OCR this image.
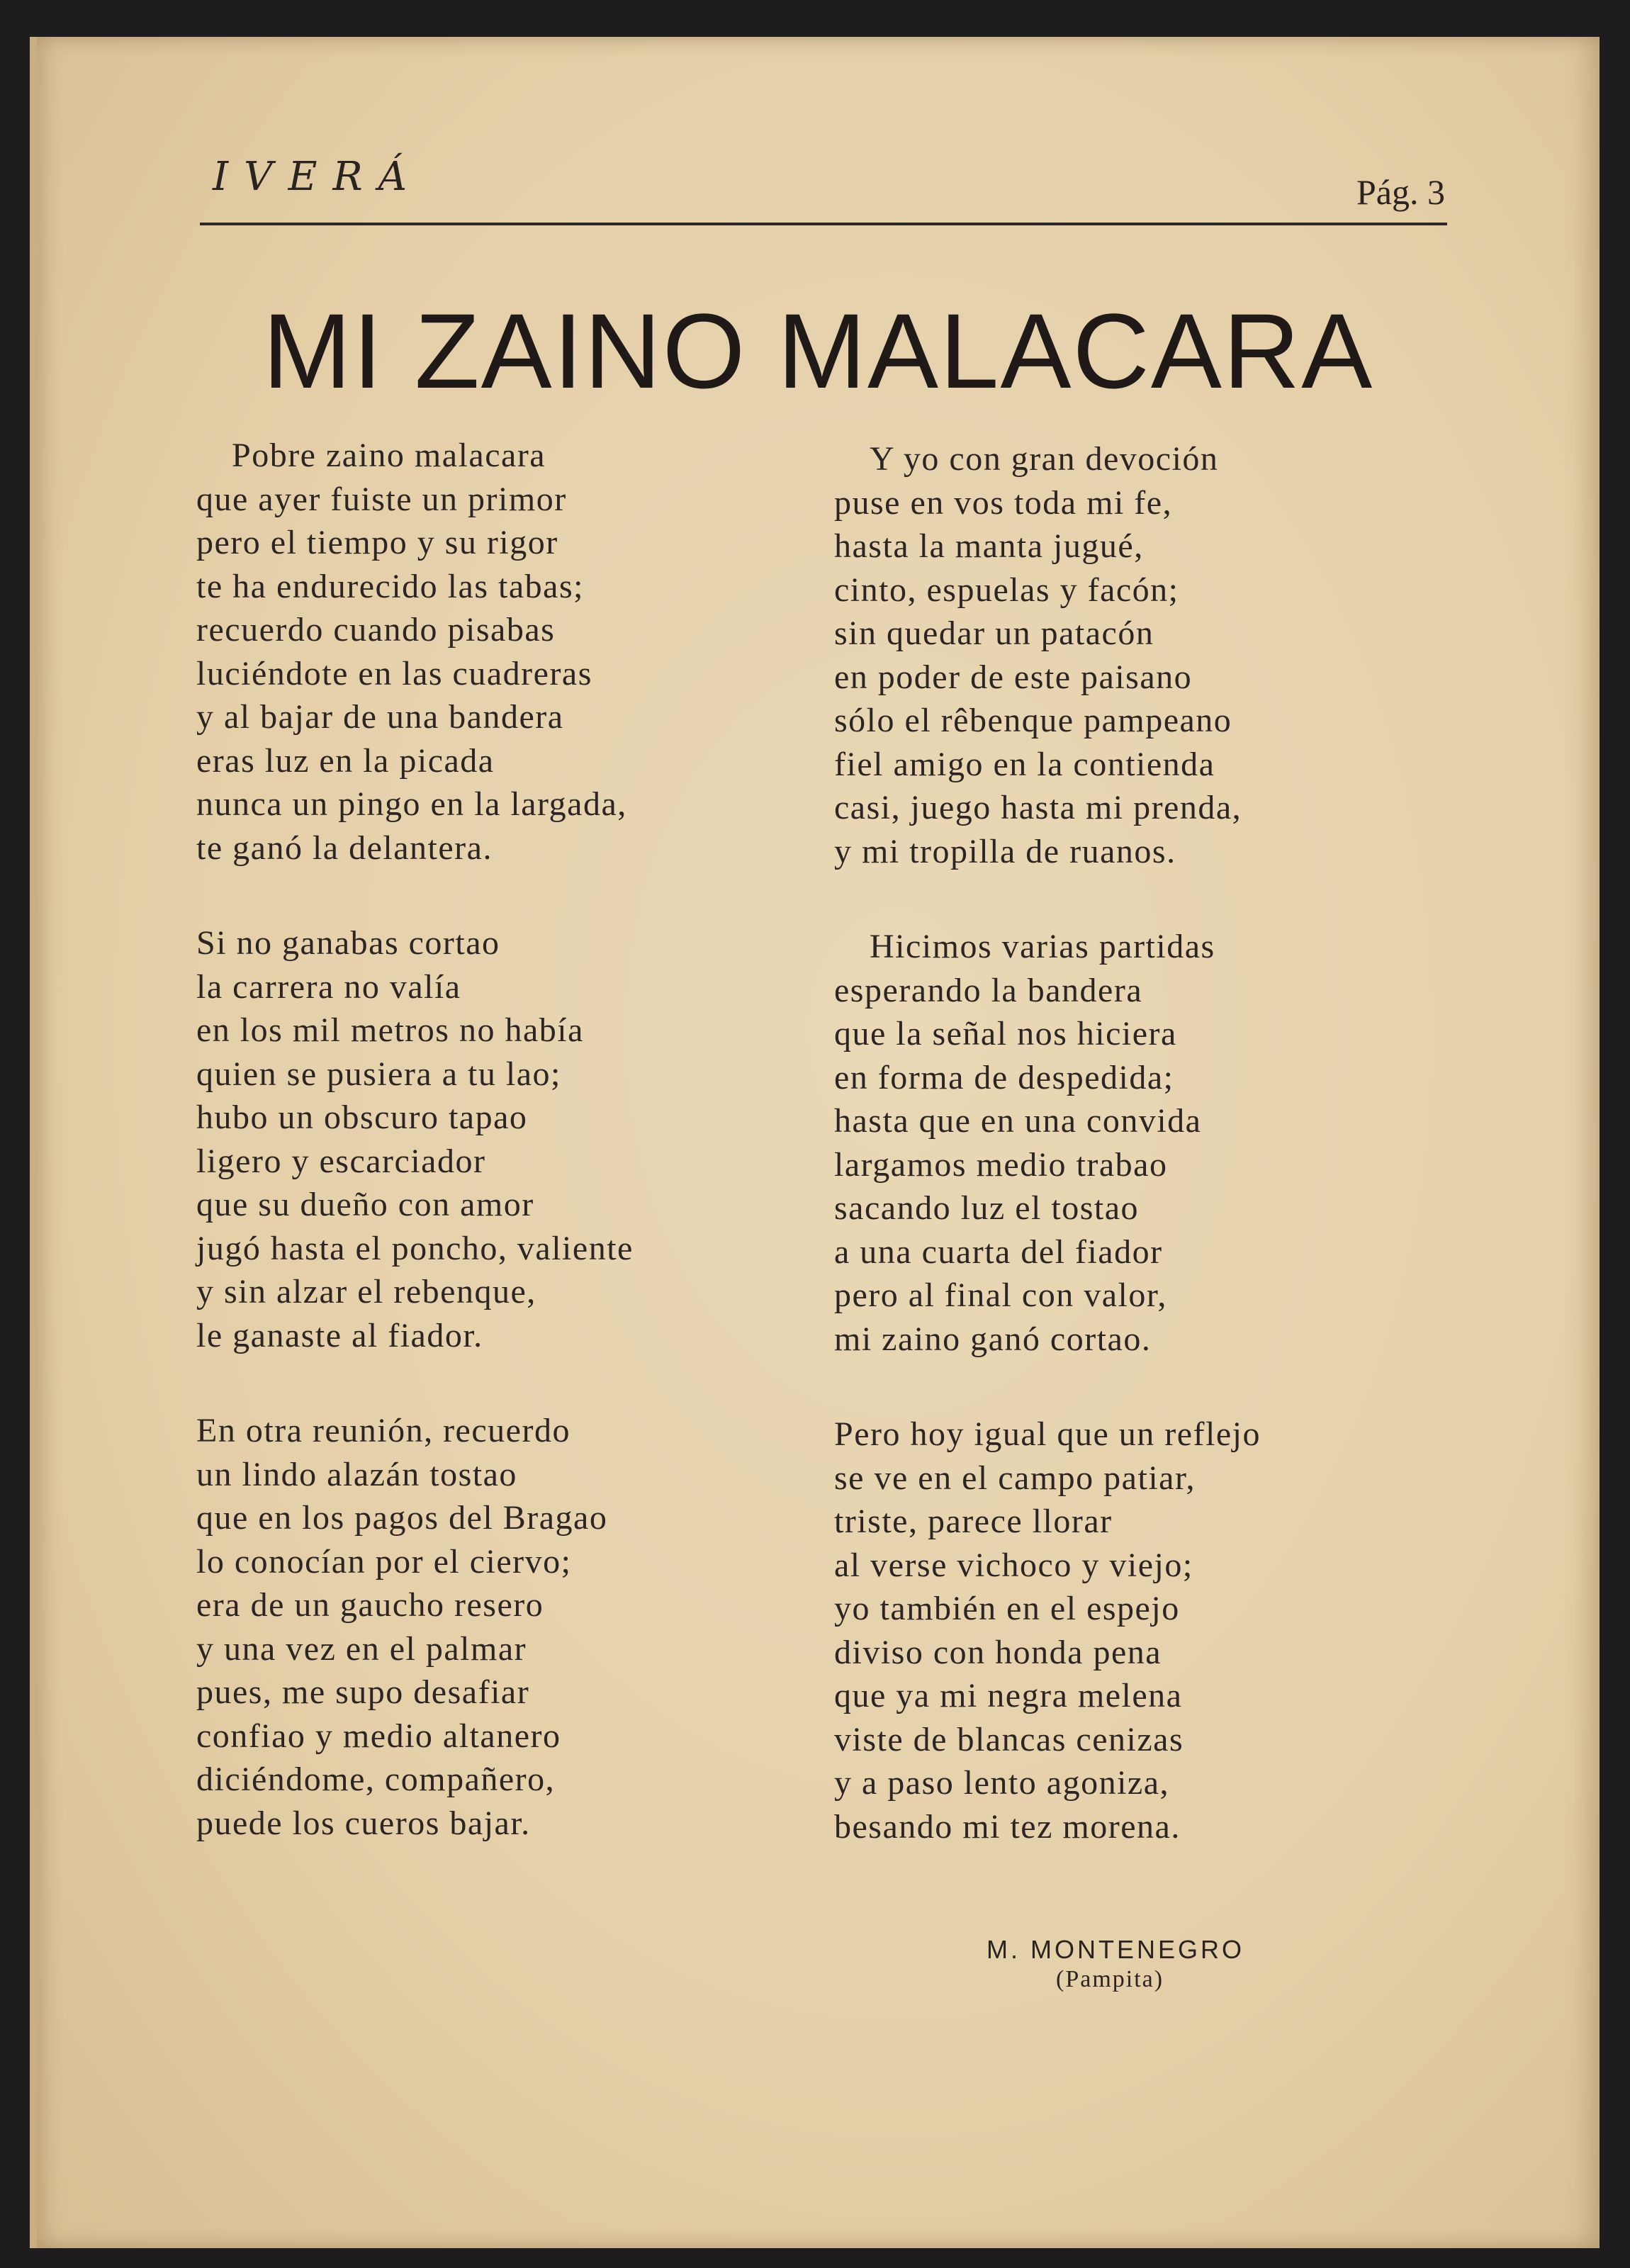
IVERÁ	Pág. 3
MI ZAINO MALACARA
Pobre zaino malacara
que ayer fuiste un primor
pero el tiempo y su rigor
te ha endurecido las tabas;
recuerdo cuando pisabas
luciéndote en las cuadreras
y al bajar de una bandera
eras luz en la picada
nunca un pingo en la largada,
te ganó la delantera.
Si no ganabas cortao
la carrera no valía
en los mil metros no había
quien se pusiera a tu lao;
hubo un obscuro tapao
ligero y escarciador
que su dueño con amor
jugó hasta el poncho, valiente
y sin alzar el rebenque,
le ganaste al fiador.
En otra reunión, recuerdo
un lindo alazán tostao
que en los pagos del Bragao
lo conocían por el ciervo;
era de un gaucho resero
y una vez en el palmar
pues, me supo desafiar
confiao y medio altanero
diciéndome, compañero,
puede los cueros bajar.
Y yo con gran devoción
puse en vos toda mi fe,
hasta la manta jugué,
cinto, espuelas y facón;
sin quedar un patacón
en poder de este paisano
sólo el rêbenque pampeano
fiel amigo en la contienda
casi, juego hasta mi prenda,
y mi tropilla de ruanos.
Hicimos varias partidas
esperando la bandera
que la señal nos hiciera
en forma de despedida;
hasta que en una convida
largamos medio trabao
sacando luz el tostao
a una cuarta del fiador
pero al final con valor,
mi zaino ganó cortao.
Pero hoy igual que un reflejo
se ve en el campo patiar,
triste, parece llorar
al verse vichoco y viejo;
yo también en el espejo
diviso con honda pena
que ya mi negra melena
viste de blancas cenizas
y a paso lento agoniza,
besando mi tez morena.
M. MONTENEGRO
(Pampita)
